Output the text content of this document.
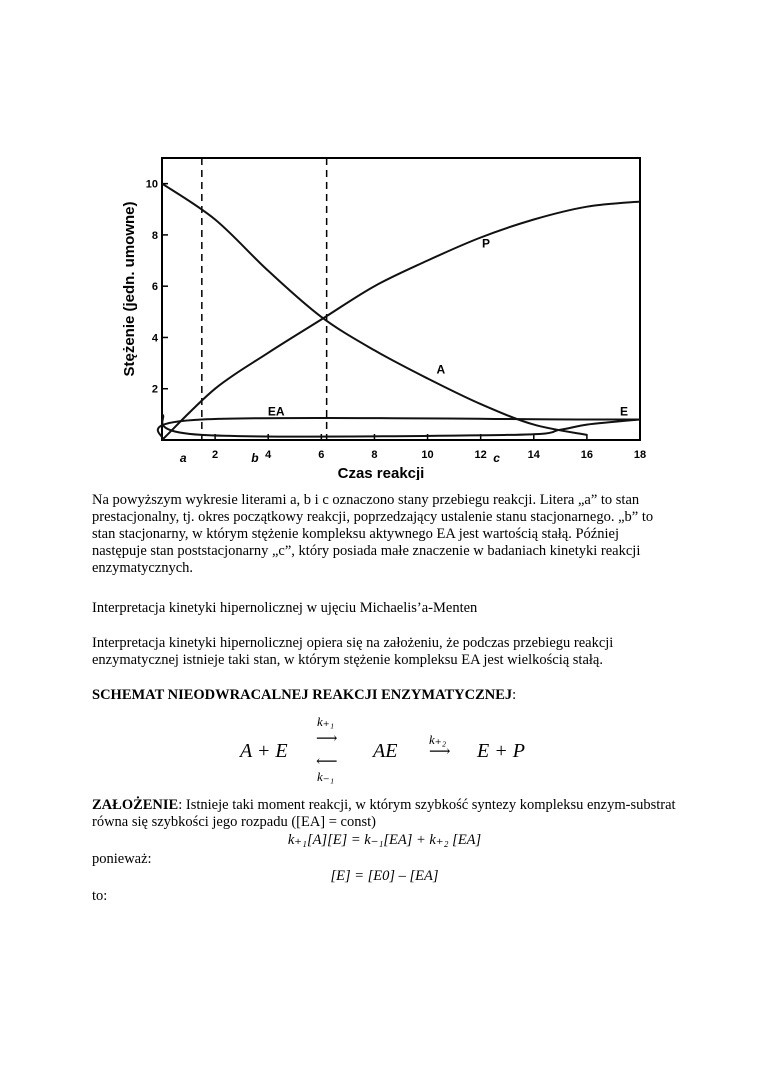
2	4	6	8	10	12	14	16	18
2
4
6
8
10
P
A
EA	E
a	b	c
Czas reakcji
Stężenie (jedn. umowne)
Na powyższym wykresie literami a, b i c oznaczono stany przebiegu reakcji. Litera „a” to stan prestacjonalny, tj. okres początkowy reakcji, poprzedzający ustalenie stanu stacjonarnego. „b” to stan stacjonarny, w którym stężenie kompleksu aktywnego EA jest wartością stałą. Później następuje stan poststacjonarny „c”, który posiada małe znaczenie w badaniach kinetyki reakcji enzymatycznych.
Interpretacja kinetyki hipernolicznej w ujęciu Michaelis’a-Menten
Interpretacja kinetyki hipernolicznej opiera się na założeniu, że podczas przebiegu reakcji enzymatycznej istnieje taki stan, w którym stężenie kompleksu EA jest wielkością stałą.
SCHEMAT NIEODWRACALNEJ REAKCJI ENZYMATYCZNEJ:
A + E
k₊₁
⟶
⟵
k₋₁
AE
k₊₂
⟶ E + P
ZAŁOŻENIE: Istnieje taki moment reakcji, w którym szybkość syntezy kompleksu enzym-substrat równa się szybkości jego rozpadu ([EA] = const)
k₊₁[A][E] = k₋₁[EA] + k₊₂ [EA]
ponieważ:
[E] = [E0] – [EA]
to:
